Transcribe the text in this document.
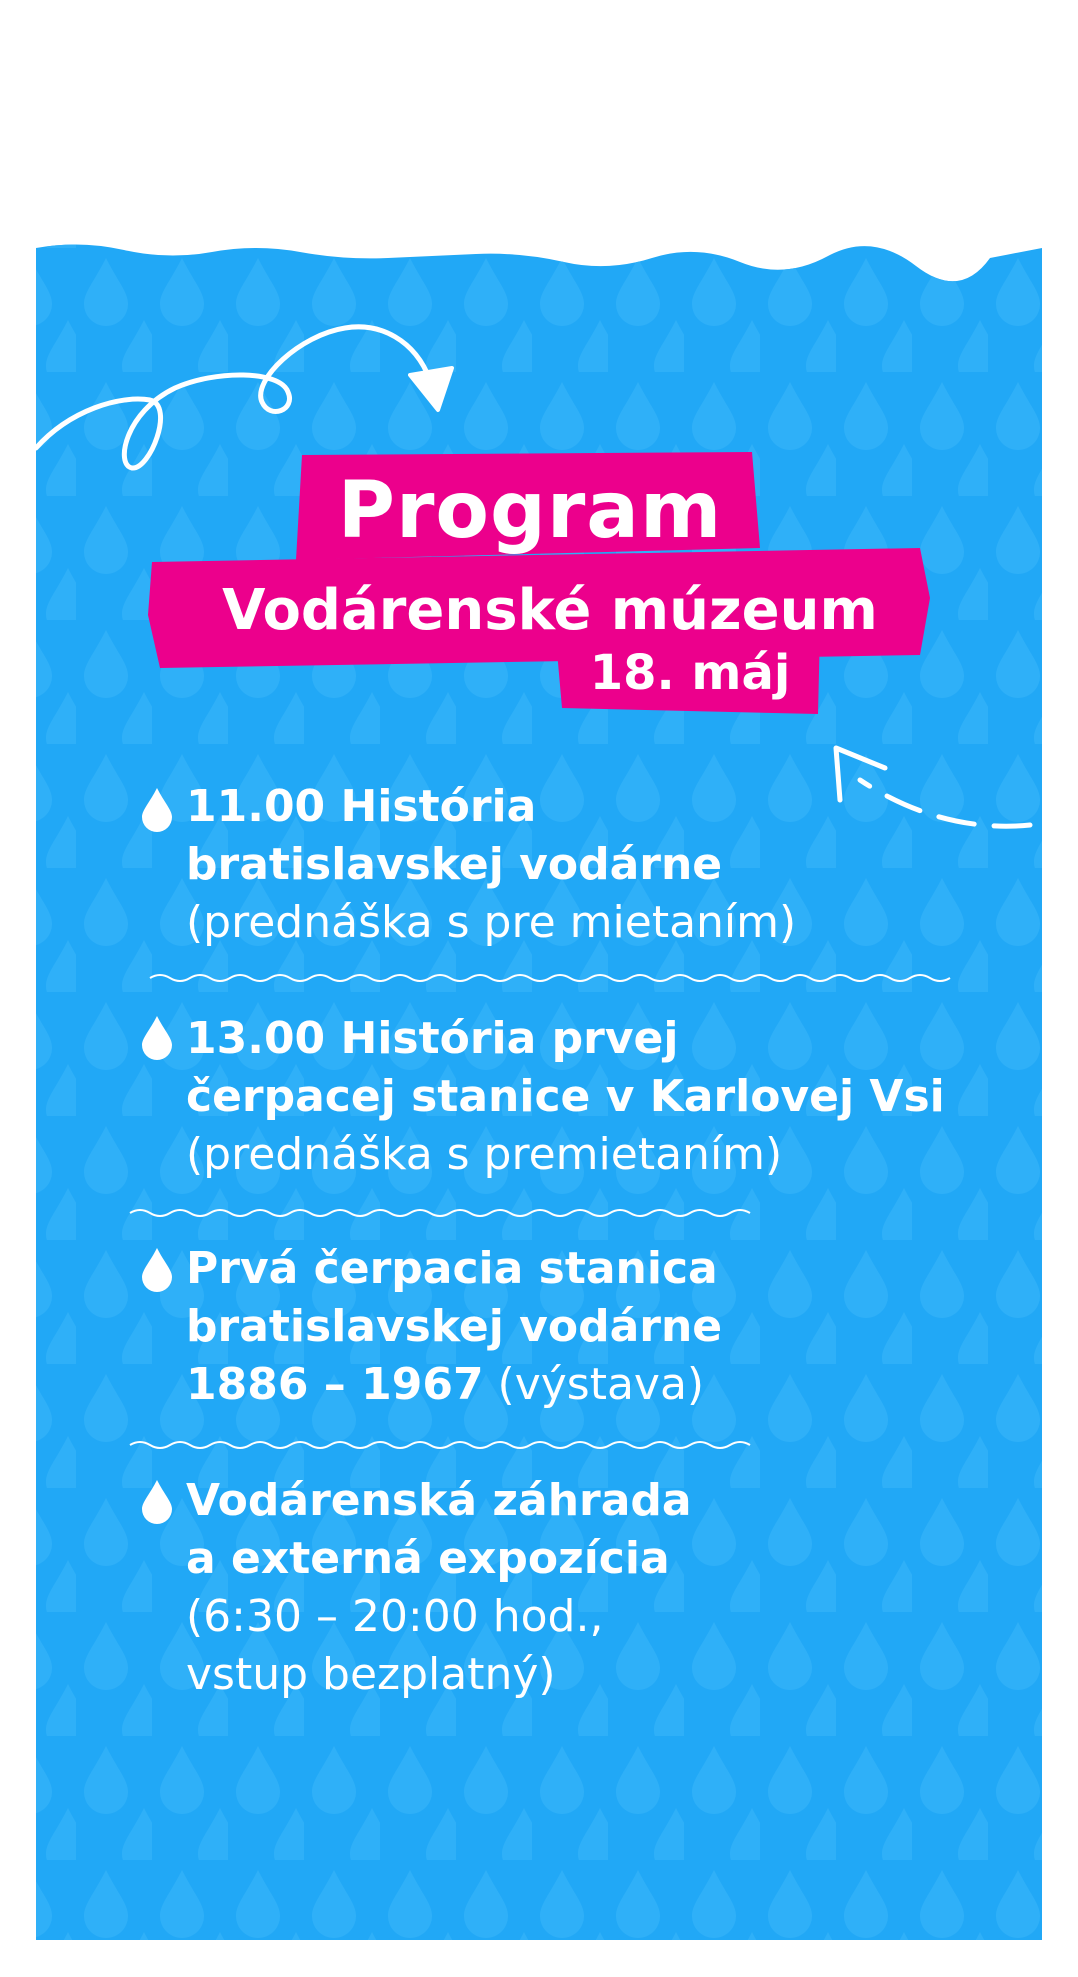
Program
Vodárenské múzeum
18. máj
11.00 História
bratislavskej vodárne
(prednáška s pre mietaním)
13.00 História prvej
čerpacej stanice v Karlovej Vsi
(prednáška s premietaním)
Prvá čerpacia stanica
bratislavskej vodárne
1886 – 1967 (výstava)
Vodárenská záhrada
a externá expozícia
(6:30 – 20:00 hod.,
vstup bezplatný)
